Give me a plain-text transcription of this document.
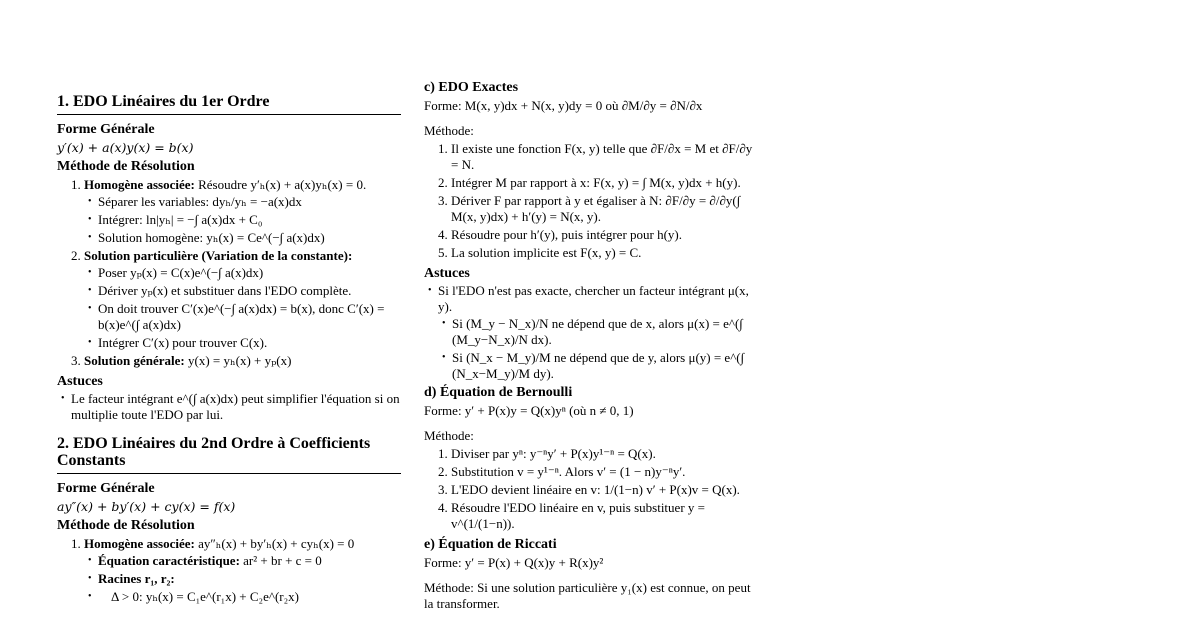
1. EDO Linéaires du 1er Ordre
Forme Générale
y′(x) + a(x)y(x) = b(x)
Méthode de Résolution
1. Homogène associée: Résoudre y′ₕ(x) + a(x)yₕ(x) = 0.
• Séparer les variables: dyₕ/yₕ = −a(x)dx
• Intégrer: ln|yₕ| = −∫ a(x)dx + C₀
• Solution homogène: yₕ(x) = Ce^(−∫ a(x)dx)
2. Solution particulière (Variation de la constante):
• Poser yₚ(x) = C(x)e^(−∫ a(x)dx)
• Dériver yₚ(x) et substituer dans l'EDO complète.
• On doit trouver C′(x)e^(−∫ a(x)dx) = b(x), donc C′(x) = b(x)e^(∫ a(x)dx)
• Intégrer C′(x) pour trouver C(x).
3. Solution générale: y(x) = yₕ(x) + yₚ(x)
Astuces
• Le facteur intégrant e^(∫ a(x)dx) peut simplifier l'équation si on multiplie toute l'EDO par lui.
2. EDO Linéaires du 2nd Ordre à Coefficients Constants
Forme Générale
ay″(x) + by′(x) + cy(x) = f(x)
Méthode de Résolution
1. Homogène associée: ay″ₕ(x) + by′ₕ(x) + cyₕ(x) = 0
• Équation caractéristique: ar² + br + c = 0
• Racines r₁, r₂:
• Δ > 0: yₕ(x) = C₁e^(r₁x) + C₂e^(r₂x)
c) EDO Exactes
Forme: M(x, y)dx + N(x, y)dy = 0 où ∂M/∂y = ∂N/∂x
Méthode:
1. Il existe une fonction F(x, y) telle que ∂F/∂x = M et ∂F/∂y = N.
2. Intégrer M par rapport à x: F(x, y) = ∫ M(x, y)dx + h(y).
3. Dériver F par rapport à y et égaliser à N: ∂F/∂y = ∂/∂y(∫ M(x, y)dx) + h′(y) = N(x, y).
4. Résoudre pour h′(y), puis intégrer pour h(y).
5. La solution implicite est F(x, y) = C.
Astuces
• Si l'EDO n'est pas exacte, chercher un facteur intégrant μ(x, y).
• Si (M_y − N_x)/N ne dépend que de x, alors μ(x) = e^(∫ (M_y−N_x)/N dx).
• Si (N_x − M_y)/M ne dépend que de y, alors μ(y) = e^(∫ (N_x−M_y)/M dy).
d) Équation de Bernoulli
Forme: y′ + P(x)y = Q(x)yⁿ (où n ≠ 0, 1)
Méthode:
1. Diviser par yⁿ: y⁻ⁿy′ + P(x)y¹⁻ⁿ = Q(x).
2. Substitution v = y¹⁻ⁿ. Alors v′ = (1 − n)y⁻ⁿy′.
3. L'EDO devient linéaire en v: 1/(1−n) v′ + P(x)v = Q(x).
4. Résoudre l'EDO linéaire en v, puis substituer y = v^(1/(1−n)).
e) Équation de Riccati
Forme: y′ = P(x) + Q(x)y + R(x)y²
Méthode: Si une solution particulière y₁(x) est connue, on peut la transformer.
